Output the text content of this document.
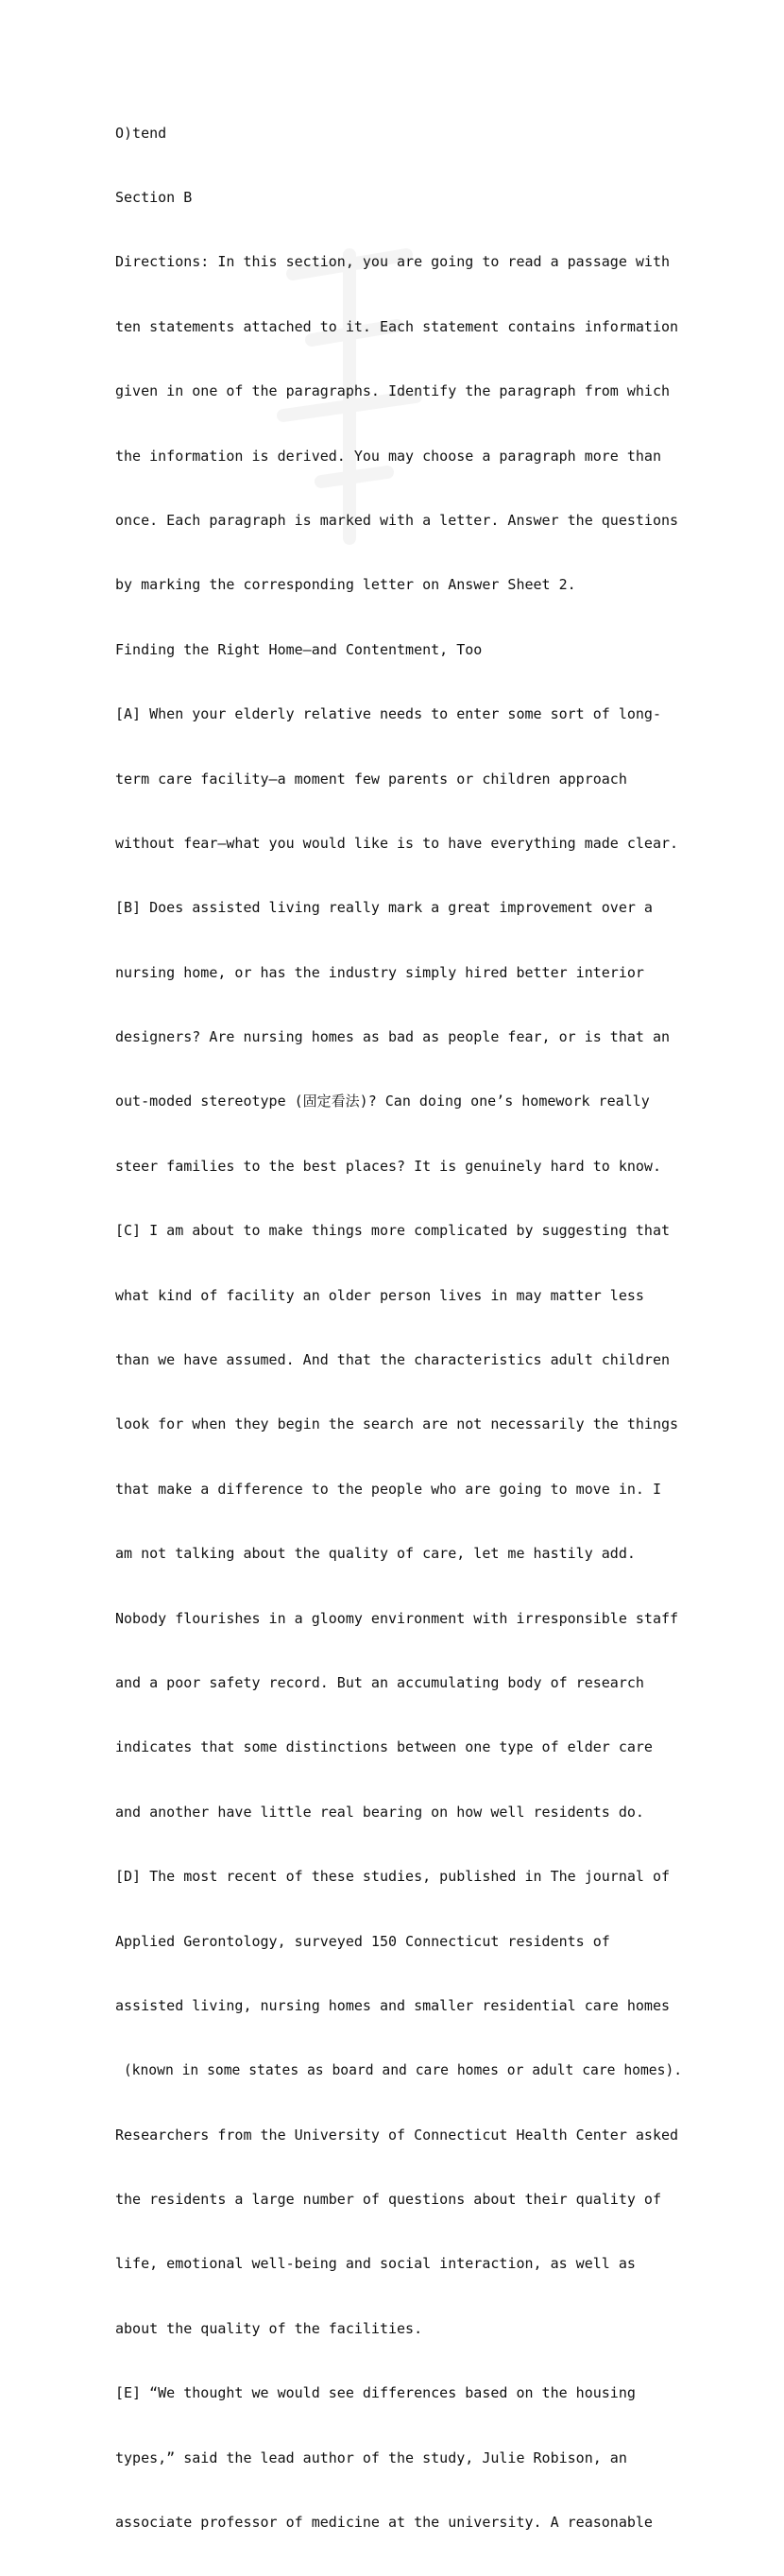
O)tend

Section B

Directions: In this section, you are going to read a passage with

ten statements attached to it. Each statement contains information

given in one of the paragraphs. Identify the paragraph from which

the information is derived. You may choose a paragraph more than

once. Each paragraph is marked with a letter. Answer the questions

by marking the corresponding letter on Answer Sheet 2.

Finding the Right Home—and Contentment, Too

[A] When your elderly relative needs to enter some sort of long-

term care facility—a moment few parents or children approach

without fear—what you would like is to have everything made clear.

[B] Does assisted living really mark a great improvement over a

nursing home, or has the industry simply hired better interior

designers? Are nursing homes as bad as people fear, or is that an

out-moded stereotype (固定看法)? Can doing one’s homework really

steer families to the best places? It is genuinely hard to know.

[C] I am about to make things more complicated by suggesting that

what kind of facility an older person lives in may matter less

than we have assumed. And that the characteristics adult children

look for when they begin the search are not necessarily the things

that make a difference to the people who are going to move in. I

am not talking about the quality of care, let me hastily add.

Nobody flourishes in a gloomy environment with irresponsible staff

and a poor safety record. But an accumulating body of research

indicates that some distinctions between one type of elder care

and another have little real bearing on how well residents do.

[D] The most recent of these studies, published in The journal of

Applied Gerontology, surveyed 150 Connecticut residents of

assisted living, nursing homes and smaller residential care homes

(known in some states as board and care homes or adult care homes).

Researchers from the University of Connecticut Health Center asked

the residents a large number of questions about their quality of

life, emotional well-being and social interaction, as well as

about the quality of the facilities.

[E] “We thought we would see differences based on the housing

types,” said the lead author of the study, Julie Robison, an

associate professor of medicine at the university. A reasonable
